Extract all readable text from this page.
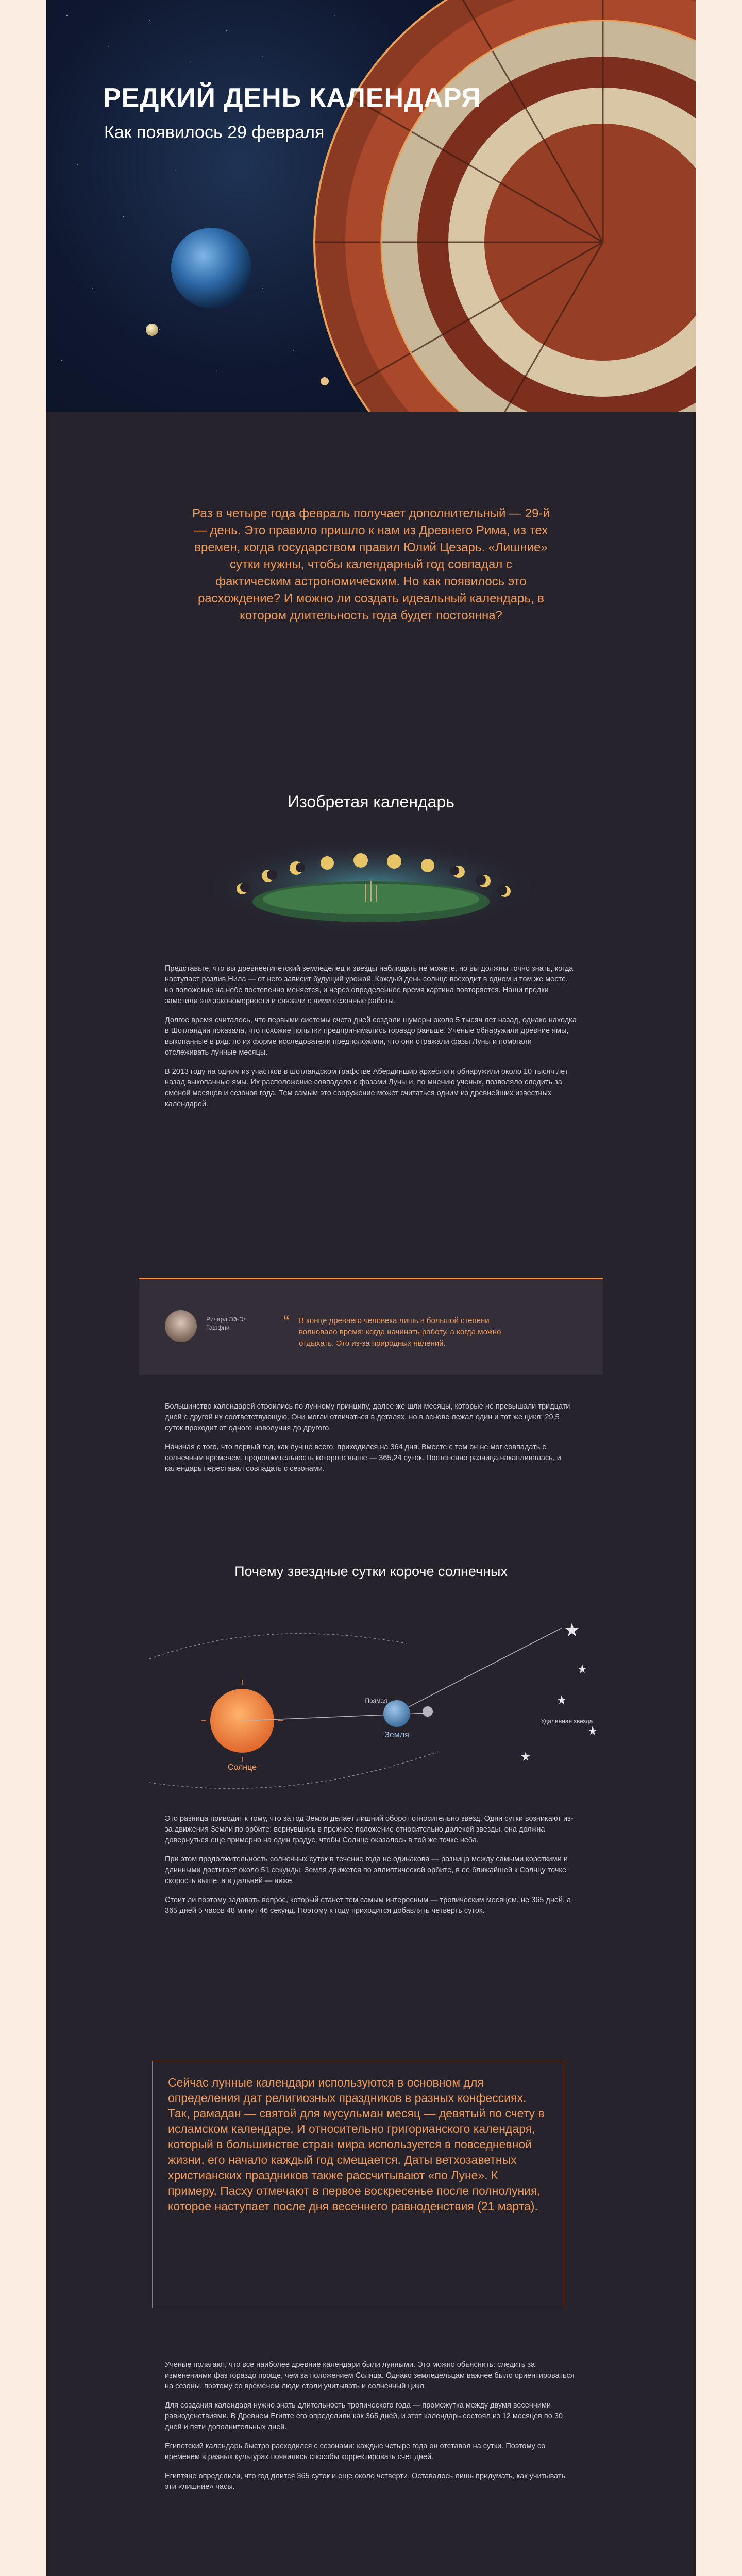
РЕДКИЙ ДЕНЬ КАЛЕНДАРЯ
Как появилось 29 февраля
Раз в четыре года февраль получает дополнительный — 29-й — день. Это правило пришло к нам из Древнего Рима, из тех времен, когда государством правил Юлий Цезарь. «Лишние» сутки нужны, чтобы календарный год совпадал с фактическим астрономическим. Но как появилось это расхождение? И можно ли создать идеальный календарь, в котором длительность года будет постоянна?
Изобретая календарь

Представьте, что вы древнеегипетский земледелец и звезды наблюдать не можете, но вы должны точно знать, когда наступает разлив Нила — от него зависит будущий урожай. Каждый день солнце восходит в одном и том же месте, но положение на небе постепенно меняется, и через определенное время картина повторяется. Наши предки заметили эти закономерности и связали с ними сезонные работы.

Долгое время считалось, что первыми системы счета дней создали шумеры около 5 тысяч лет назад, однако находка в Шотландии показала, что похожие попытки предпринимались гораздо раньше. Ученые обнаружили древние ямы, выкопанные в ряд: по их форме исследователи предположили, что они отражали фазы Луны и помогали отслеживать лунные месяцы.

В 2013 году на одном из участков в шотландском графстве Абердиншир археологи обнаружили около 10 тысяч лет назад выкопанные ямы. Их расположение совпадало с фазами Луны и, по мнению ученых, позволяло следить за сменой месяцев и сезонов года. Тем самым это сооружение может считаться одним из древнейших известных календарей.

Ричард Эй-Эл Гаффни	“ В конце древнего человека лишь в большой степени волновало время: когда начинать работу, а когда можно отдыхать. Это из-за природных явлений.

Большинство календарей строились по лунному принципу, далее же шли месяцы, которые не превышали тридцати дней с другой их соответствующую. Они могли отличаться в деталях, но в основе лежал один и тот же цикл: 29,5 суток проходит от одного новолуния до другого.

Начиная с того, что первый год, как лучше всего, приходился на 364 дня. Вместе с тем он не мог совпадать с солнечным временем, продолжительность которого выше — 365,24 суток. Постепенно разница накапливалась, и календарь переставал совпадать с сезонами.

Почему звездные сутки короче солнечных
Солнце
Земля
Прямая
Удаленная звезда

Это разница приводит к тому, что за год Земля делает лишний оборот относительно звезд. Одни сутки возникают из-за движения Земли по орбите: вернувшись в прежнее положение относительно далекой звезды, она должна довернуться еще примерно на один градус, чтобы Солнце оказалось в той же точке неба.

При этом продолжительность солнечных суток в течение года не одинакова — разница между самыми короткими и длинными достигает около 51 секунды. Земля движется по эллиптической орбите, в ее ближайшей к Солнцу точке скорость выше, а в дальней — ниже.

Стоит ли поэтому задавать вопрос, который станет тем самым интересным — тропическим месяцем, не 365 дней, а 365 дней 5 часов 48 минут 46 секунд. Поэтому к году приходится добавлять четверть суток.

Сейчас лунные календари используются в основном для определения дат религиозных праздников в разных конфессиях. Так, рамадан — святой для мусульман месяц — девятый по счету в исламском календаре. И относительно григорианского календаря, который в большинстве стран мира используется в повседневной жизни, его начало каждый год смещается. Даты ветхозаветных христианских праздников также рассчитывают «по Луне». К примеру, Пасху отмечают в первое воскресенье после полнолуния, которое наступает после дня весеннего равноденствия (21 марта).

Ученые полагают, что все наиболее древние календари были лунными. Это можно объяснить: следить за изменениями фаз гораздо проще, чем за положением Солнца. Однако земледельцам важнее было ориентироваться на сезоны, поэтому со временем люди стали учитывать и солнечный цикл.

Для создания календаря нужно знать длительность тропического года — промежутка между двумя весенними равноденствиями. В Древнем Египте его определили как 365 дней, и этот календарь состоял из 12 месяцев по 30 дней и пяти дополнительных дней.

Египетский календарь быстро расходился с сезонами: каждые четыре года он отставал на сутки. Поэтому со временем в разных культурах появились способы корректировать счет дней.

Египтяне определили, что год длится 365 суток и еще около четверти. Оставалось лишь придумать, как учитывать эти «лишние» часы.
